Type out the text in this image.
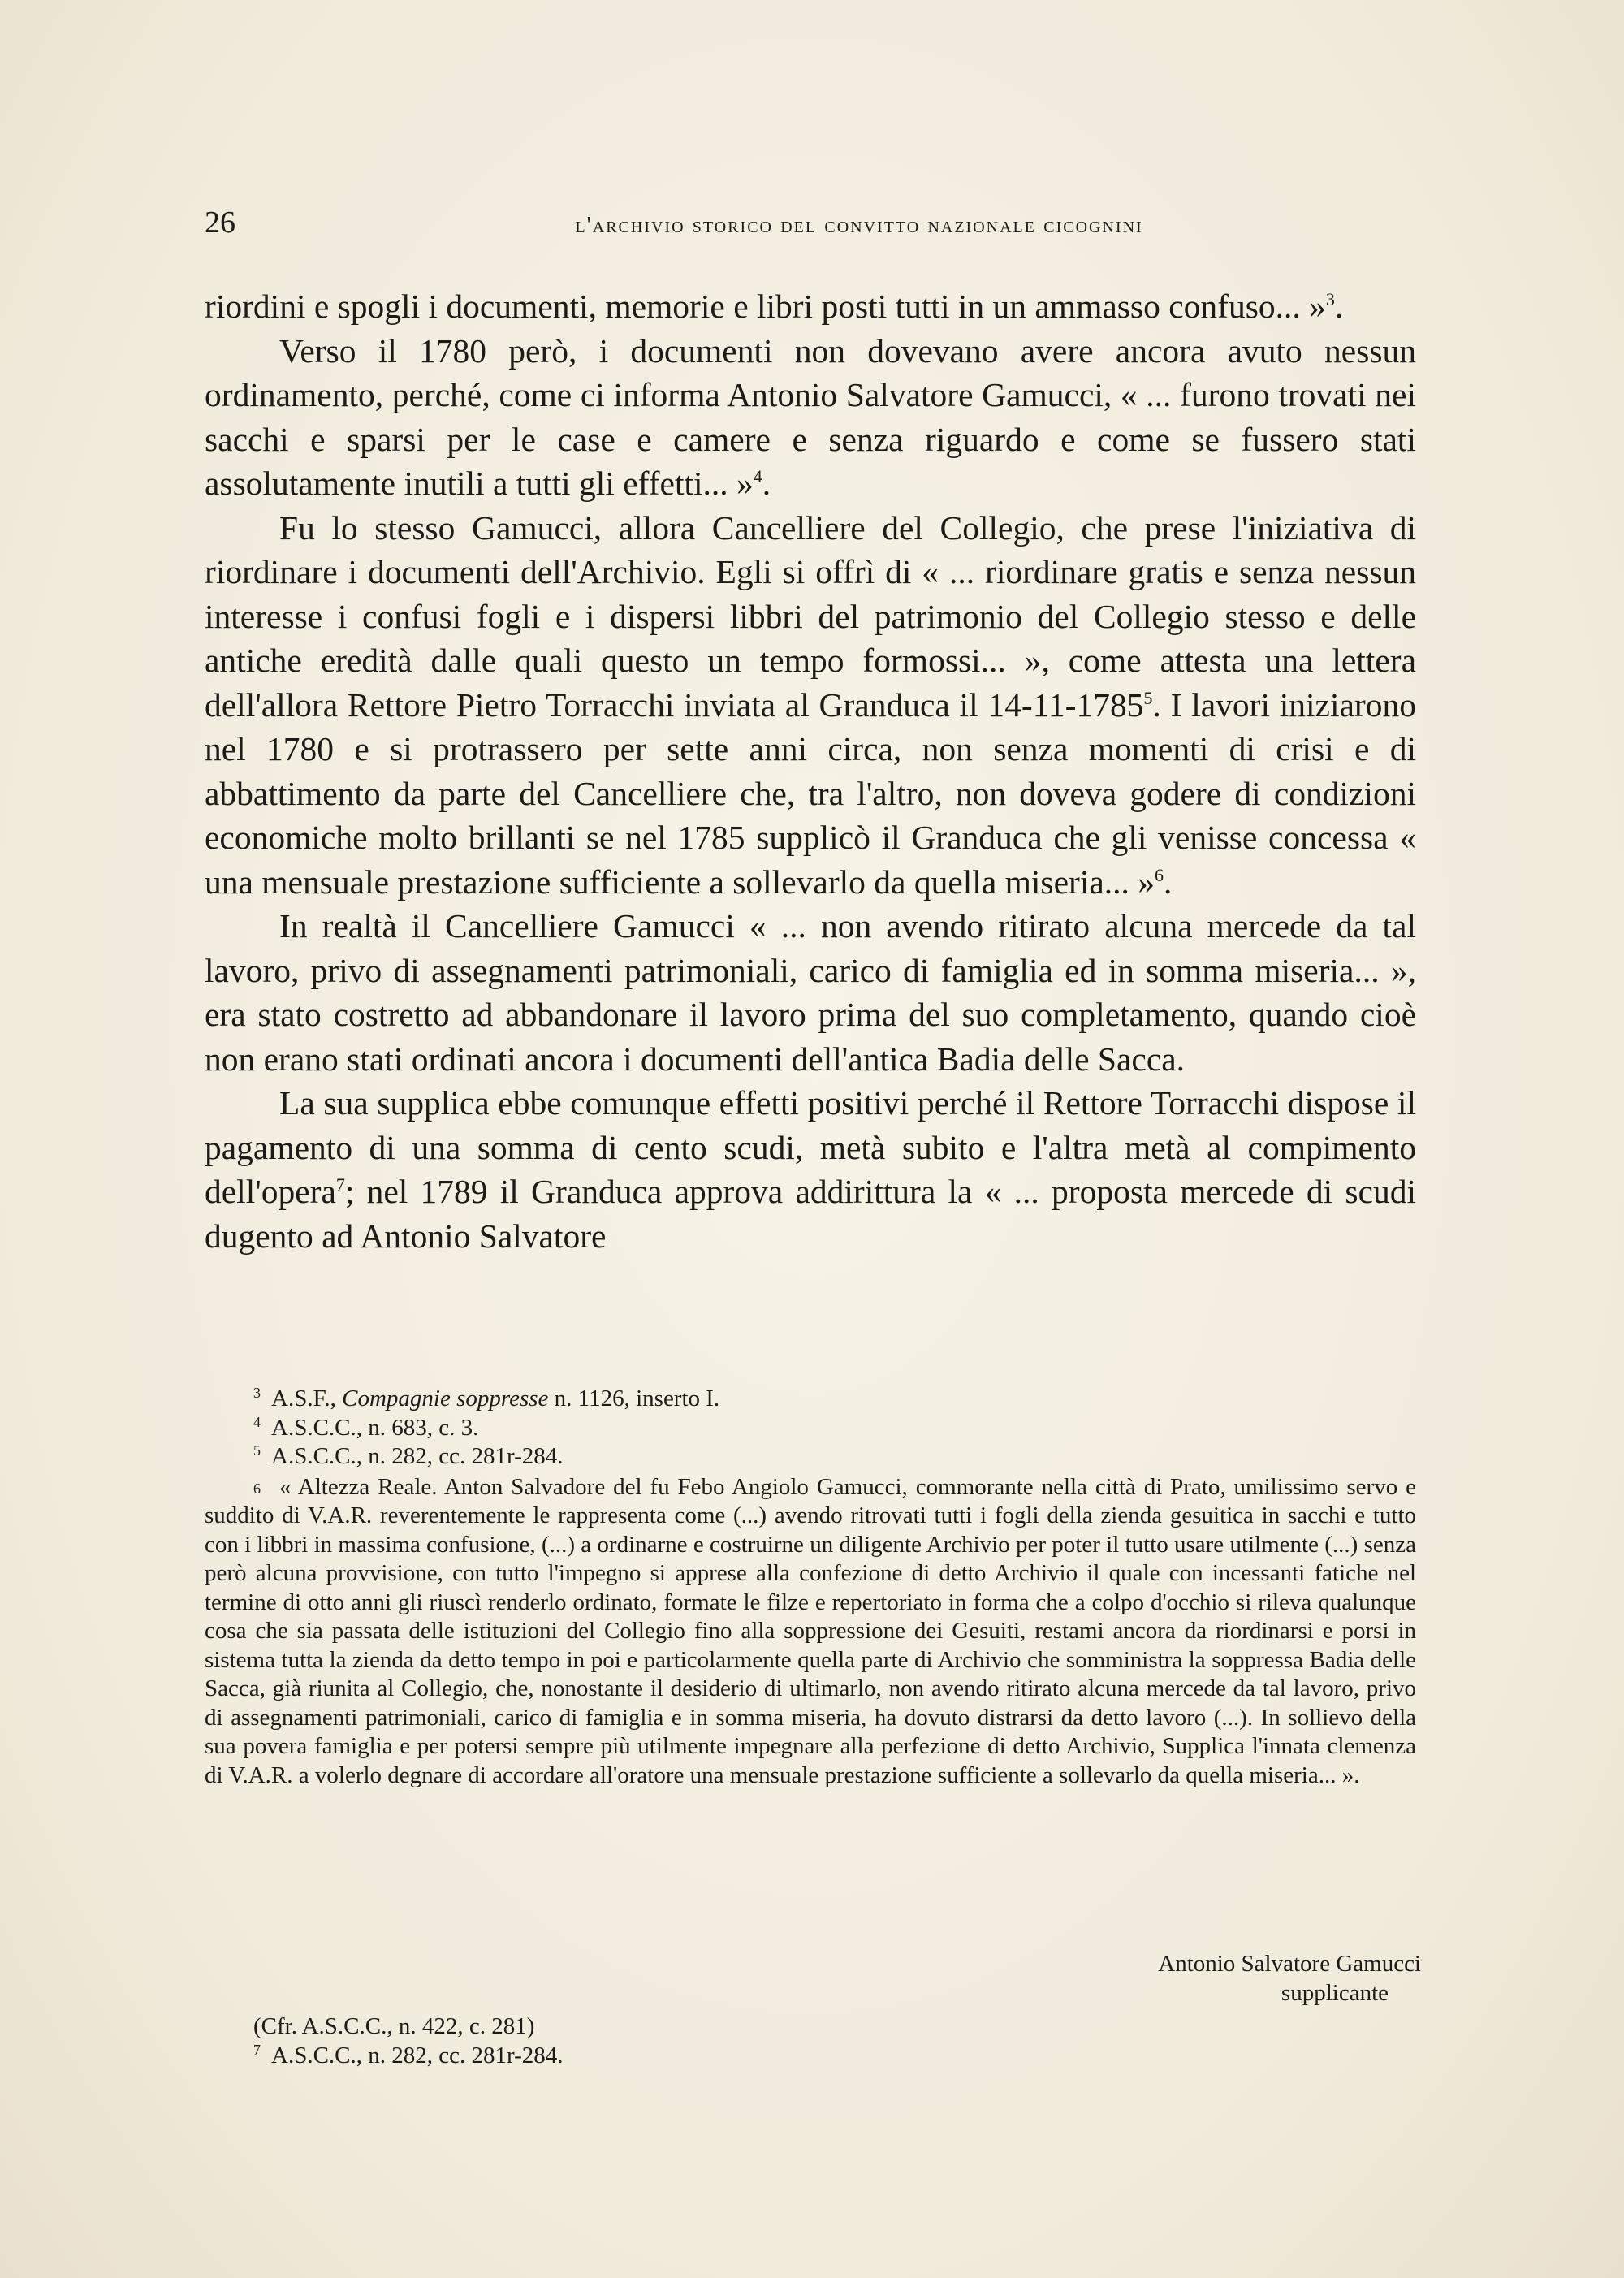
26	l'archivio storico del convitto nazionale cicognini

riordini e spogli i documenti, memorie e libri posti tutti in un ammasso confuso... »$^3$.

Verso il 1780 però, i documenti non dovevano avere ancora avuto nessun ordinamento, perché, come ci informa Antonio Salvatore Gamucci, « ... furono trovati nei sacchi e sparsi per le case e camere e senza riguardo e come se fussero stati assolutamente inutili a tutti gli effetti... »$^4$.

Fu lo stesso Gamucci, allora Cancelliere del Collegio, che prese l'iniziativa di riordinare i documenti dell'Archivio. Egli si offrì di « ... riordinare gratis e senza nessun interesse i confusi fogli e i dispersi libbri del patrimonio del Collegio stesso e delle antiche eredità dalle quali questo un tempo formossi... », come attesta una lettera dell'allora Rettore Pietro Torracchi inviata al Granduca il 14-11-1785$^5$. I lavori iniziarono nel 1780 e si protrassero per sette anni circa, non senza momenti di crisi e di abbattimento da parte del Cancelliere che, tra l'altro, non doveva godere di condizioni economiche molto brillanti se nel 1785 supplicò il Granduca che gli venisse concessa « una mensuale prestazione sufficiente a sollevarlo da quella miseria... »$^6$.

In realtà il Cancelliere Gamucci « ... non avendo ritirato alcuna mercede da tal lavoro, privo di assegnamenti patrimoniali, carico di famiglia ed in somma miseria... », era stato costretto ad abbandonare il lavoro prima del suo completamento, quando cioè non erano stati ordinati ancora i documenti dell'antica Badia delle Sacca.

La sua supplica ebbe comunque effetti positivi perché il Rettore Torracchi dispose il pagamento di una somma di cento scudi, metà subito e l'altra metà al compimento dell'opera$^7$; nel 1789 il Granduca approva addirittura la « ... proposta mercede di scudi dugento ad Antonio Salvatore

3 A.S.F., Compagnie soppresse n. 1126, inserto I.
4 A.S.C.C., n. 683, c. 3.
5 A.S.C.C., n. 282, cc. 281r-284.
6 « Altezza Reale. Anton Salvadore del fu Febo Angiolo Gamucci, commorante nella città di Prato, umilissimo servo e suddito di V.A.R. reverentemente le rappresenta come (...) avendo ritrovati tutti i fogli della zienda gesuitica in sacchi e tutto con i libbri in massima confusione, (...) a ordinarne e costruirne un diligente Archivio per poter il tutto usare utilmente (...) senza però alcuna provvisione, con tutto l'impegno si apprese alla confezione di detto Archivio il quale con incessanti fatiche nel termine di otto anni gli riuscì renderlo ordinato, formate le filze e repertoriato in forma che a colpo d'occhio si rileva qualunque cosa che sia passata delle istituzioni del Collegio fino alla soppressione dei Gesuiti, restami ancora da riordinarsi e porsi in sistema tutta la zienda da detto tempo in poi e particolarmente quella parte di Archivio che somministra la soppressa Badia delle Sacca, già riunita al Collegio, che, nonostante il desiderio di ultimarlo, non avendo ritirato alcuna mercede da tal lavoro, privo di assegnamenti patrimoniali, carico di famiglia e in somma miseria, ha dovuto distrarsi da detto lavoro (...). In sollievo della sua povera famiglia e per potersi sempre più utilmente impegnare alla perfezione di detto Archivio, Supplica l'innata clemenza di V.A.R. a volerlo degnare di accordare all'oratore una mensuale prestazione sufficiente a sollevarlo da quella miseria... ».
Antonio Salvatore Gamucci
supplicante
(Cfr. A.S.C.C., n. 422, c. 281)
7 A.S.C.C., n. 282, cc. 281r-284.
